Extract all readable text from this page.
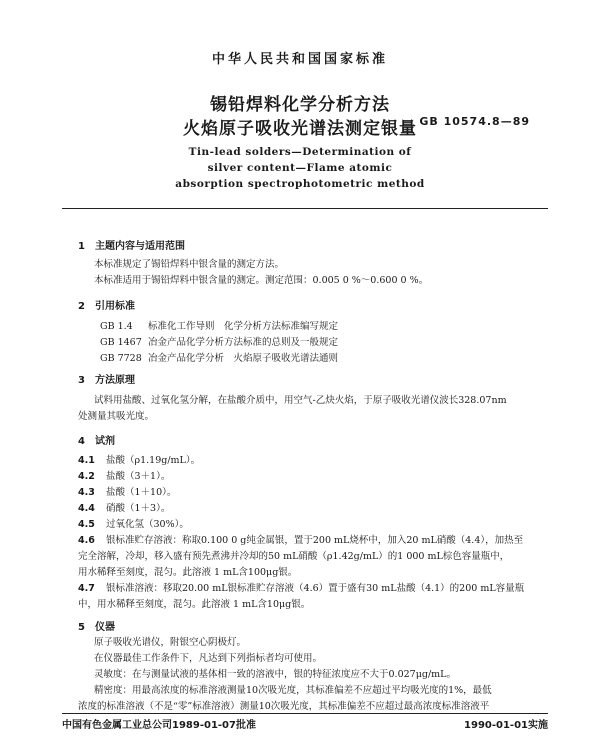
中华人民共和国国家标准
锡铅焊料化学分析方法
火焰原子吸收光谱法测定银量 GB 10574.8—89
Tin-lead solders—Determination of
silver content—Flame atomic
absorption spectrophotometric method
1 主题内容与适用范围
本标准规定了锡铅焊料中银含量的测定方法。
本标准适用于锡铅焊料中银含量的测定。测定范围：0.005 0 %～0.600 0 %。
2 引用标准
GB 1.4 标准化工作导则　化学分析方法标准编写规定
GB 1467 冶金产品化学分析方法标准的总则及一般规定
GB 7728 冶金产品化学分析　火焰原子吸收光谱法通则
3 方法原理
试料用盐酸、过氧化氢分解，在盐酸介质中，用空气-乙炔火焰，于原子吸收光谱仪波长328.07nm
处测量其吸光度。
4 试剂
4.1 盐酸（ρ1.19g/mL）。
4.2 盐酸（3＋1）。
4.3 盐酸（1＋10）。
4.4 硝酸（1＋3）。
4.5 过氧化氢（30%）。
4.6 银标准贮存溶液：称取0.100 0 g纯金属银，置于200 mL烧杯中，加入20 mL硝酸（4.4），加热至
完全溶解，冷却，移入盛有预先煮沸并冷却的50 mL硝酸（ρ1.42g/mL）的1 000 mL棕色容量瓶中，
用水稀释至刻度，混匀。此溶液 1 mL含100μg银。
4.7 银标准溶液：移取20.00 mL银标准贮存溶液（4.6）置于盛有30 mL盐酸（4.1）的200 mL容量瓶
中，用水稀释至刻度，混匀。此溶液 1 mL含10μg银。
5 仪器
原子吸收光谱仪，附银空心阴极灯。
在仪器最佳工作条件下，凡达到下列指标者均可使用。
灵敏度：在与测量试液的基体相一致的溶液中，银的特征浓度应不大于0.027μg/mL。
精密度：用最高浓度的标准溶液测量10次吸光度，其标准偏差不应超过平均吸光度的1%，最低
浓度的标准溶液（不是“零”标准溶液）测量10次吸光度，其标准偏差不应超过最高浓度标准溶液平
中国有色金属工业总公司1989-01-07批准	1990-01-01实施
